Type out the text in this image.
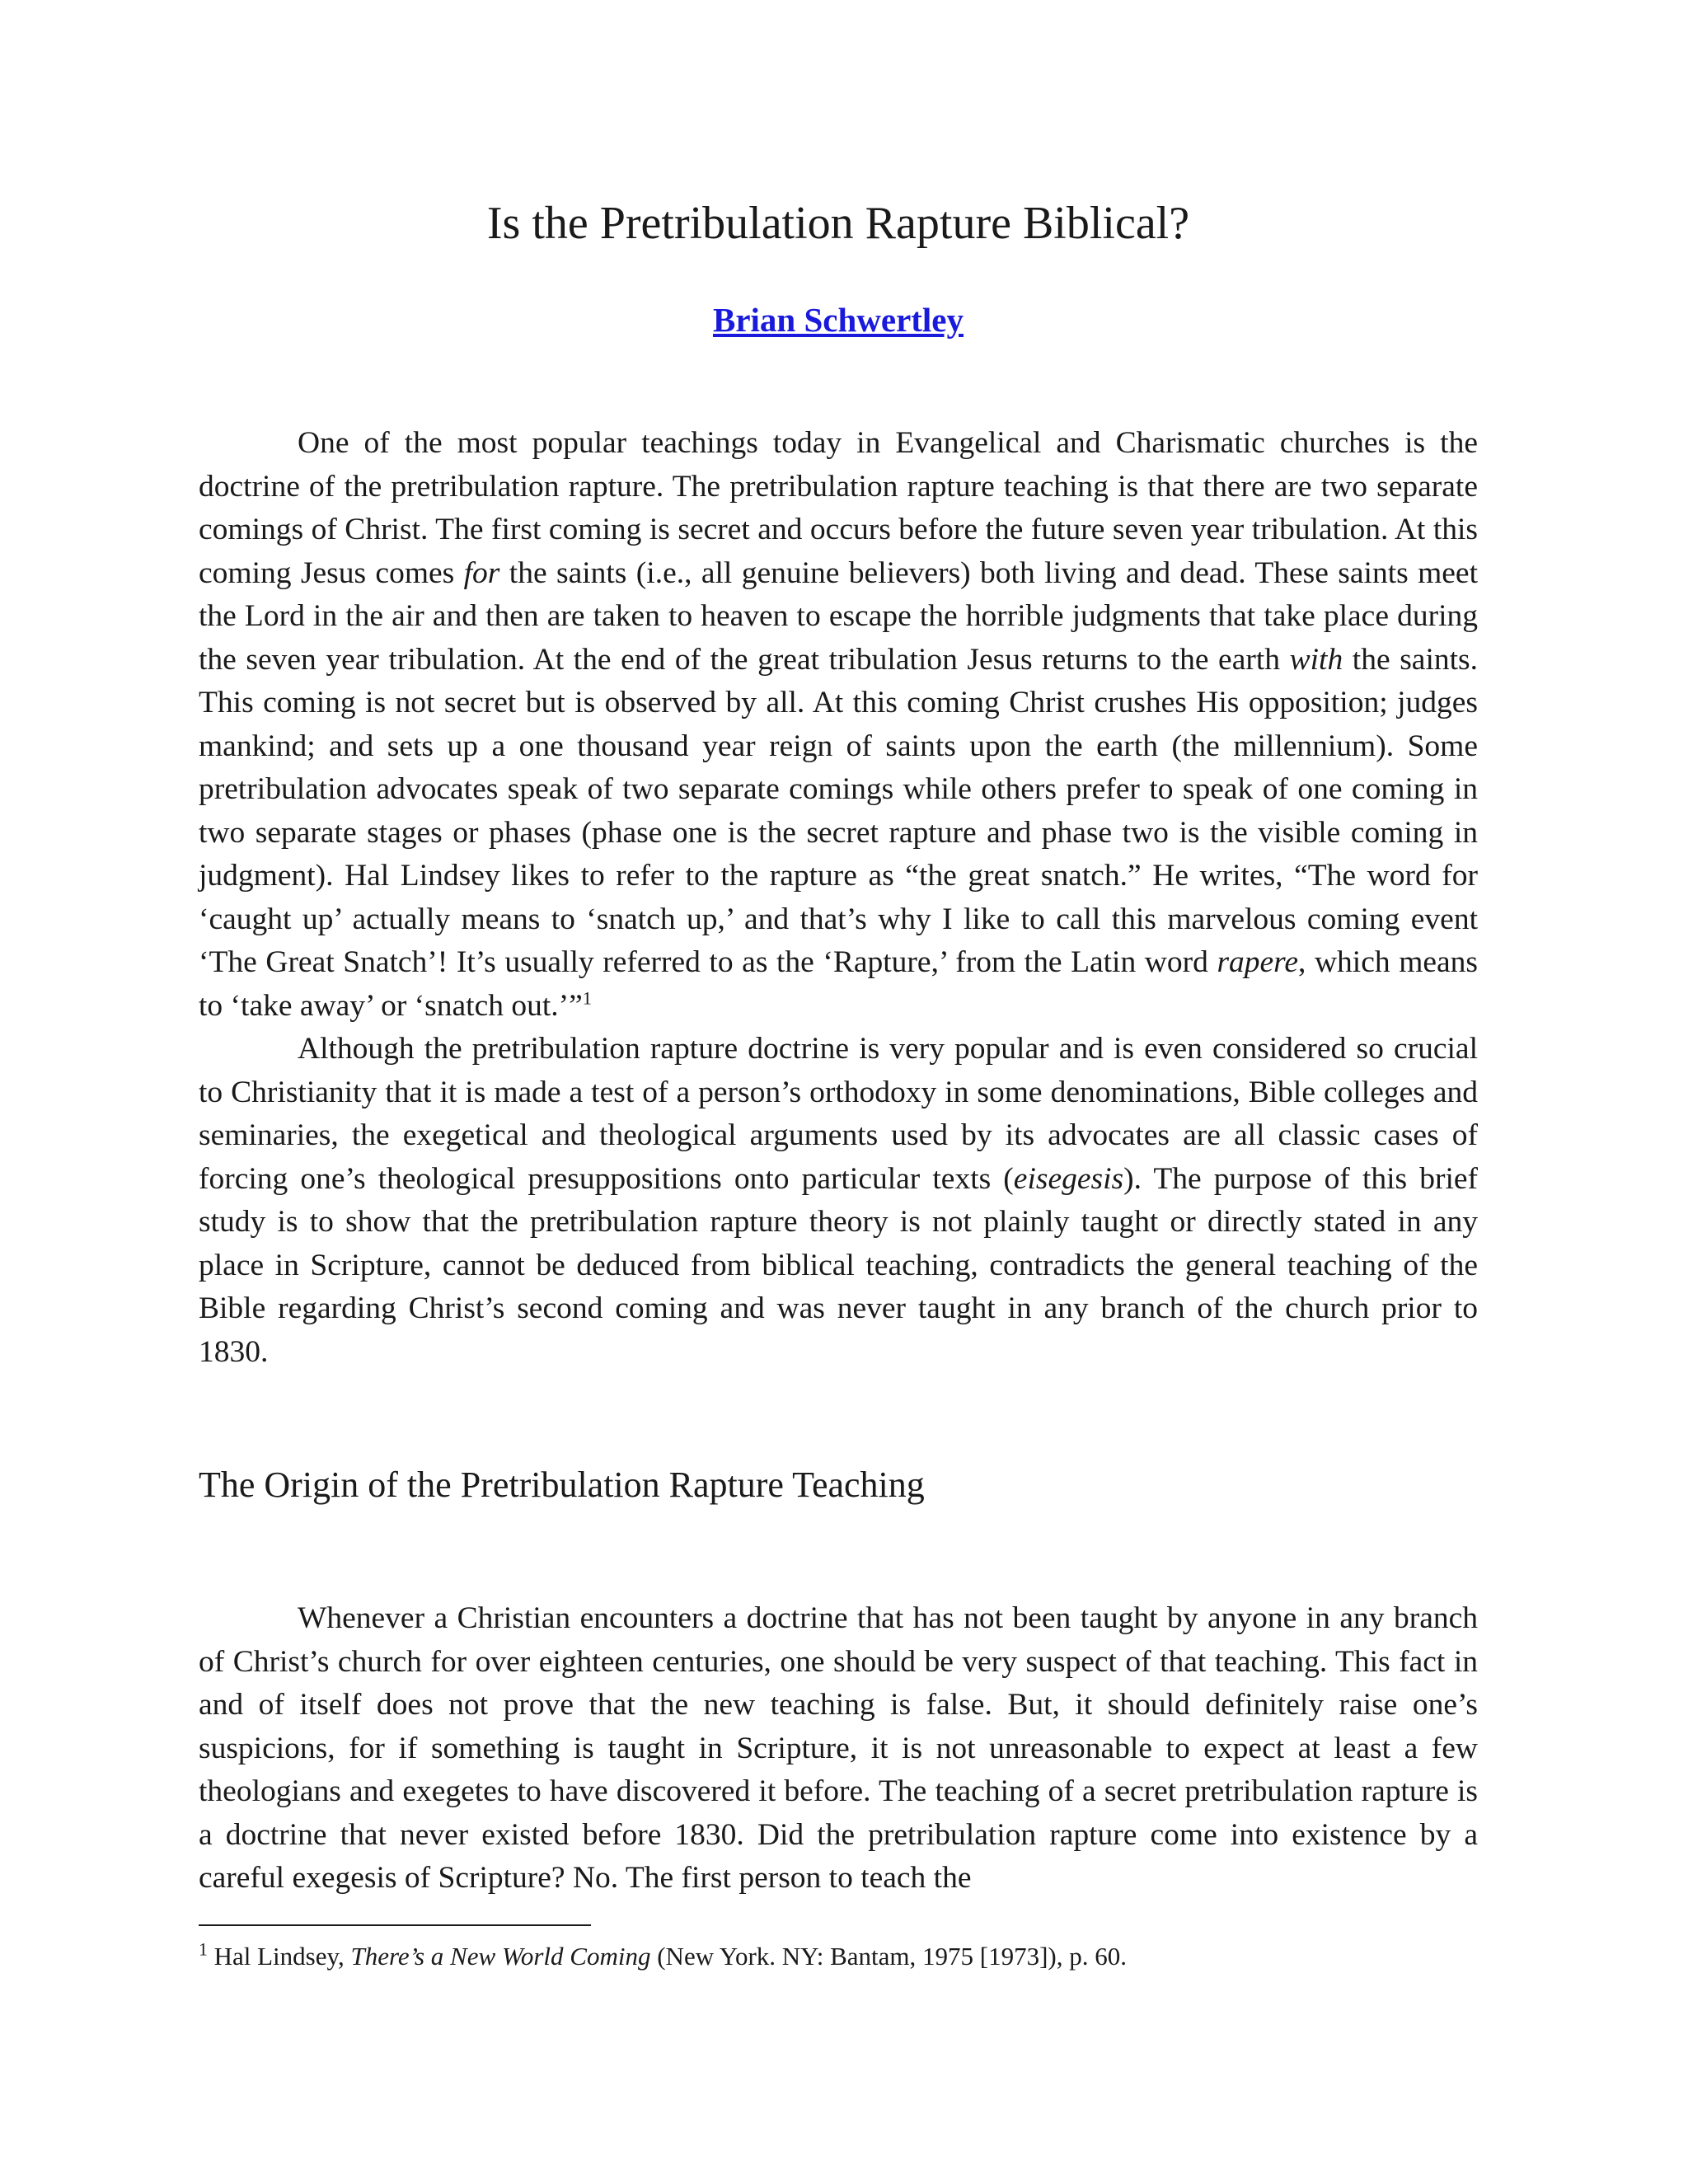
Is the Pretribulation Rapture Biblical?

Brian Schwertley

One of the most popular teachings today in Evangelical and Charismatic churches is the doctrine of the pretribulation rapture. The pretribulation rapture teaching is that there are two separate comings of Christ. The first coming is secret and occurs before the future seven year tribulation. At this coming Jesus comes for the saints (i.e., all genuine believers) both living and dead. These saints meet the Lord in the air and then are taken to heaven to escape the horrible judgments that take place during the seven year tribulation. At the end of the great tribulation Jesus returns to the earth with the saints. This coming is not secret but is observed by all. At this coming Christ crushes His opposition; judges mankind; and sets up a one thousand year reign of saints upon the earth (the millennium). Some pretribulation advocates speak of two separate comings while others prefer to speak of one coming in two separate stages or phases (phase one is the secret rapture and phase two is the visible coming in judgment). Hal Lindsey likes to refer to the rapture as “the great snatch.” He writes, “The word for ‘caught up’ actually means to ‘snatch up,’ and that’s why I like to call this marvelous coming event ‘The Great Snatch’! It’s usually referred to as the ‘Rapture,’ from the Latin word rapere, which means to ‘take away’ or ‘snatch out.’”$^1$

Although the pretribulation rapture doctrine is very popular and is even considered so crucial to Christianity that it is made a test of a person’s orthodoxy in some denominations, Bible colleges and seminaries, the exegetical and theological arguments used by its advocates are all classic cases of forcing one’s theological presuppositions onto particular texts (eisegesis). The purpose of this brief study is to show that the pretribulation rapture theory is not plainly taught or directly stated in any place in Scripture, cannot be deduced from biblical teaching, contradicts the general teaching of the Bible regarding Christ’s second coming and was never taught in any branch of the church prior to 1830.

The Origin of the Pretribulation Rapture Teaching

Whenever a Christian encounters a doctrine that has not been taught by anyone in any branch of Christ’s church for over eighteen centuries, one should be very suspect of that teaching. This fact in and of itself does not prove that the new teaching is false. But, it should definitely raise one’s suspicions, for if something is taught in Scripture, it is not unreasonable to expect at least a few theologians and exegetes to have discovered it before. The teaching of a secret pretribulation rapture is a doctrine that never existed before 1830. Did the pretribulation rapture come into existence by a careful exegesis of Scripture? No. The first person to teach the

$^1$ Hal Lindsey, There’s a New World Coming (New York. NY: Bantam, 1975 [1973]), p. 60.
